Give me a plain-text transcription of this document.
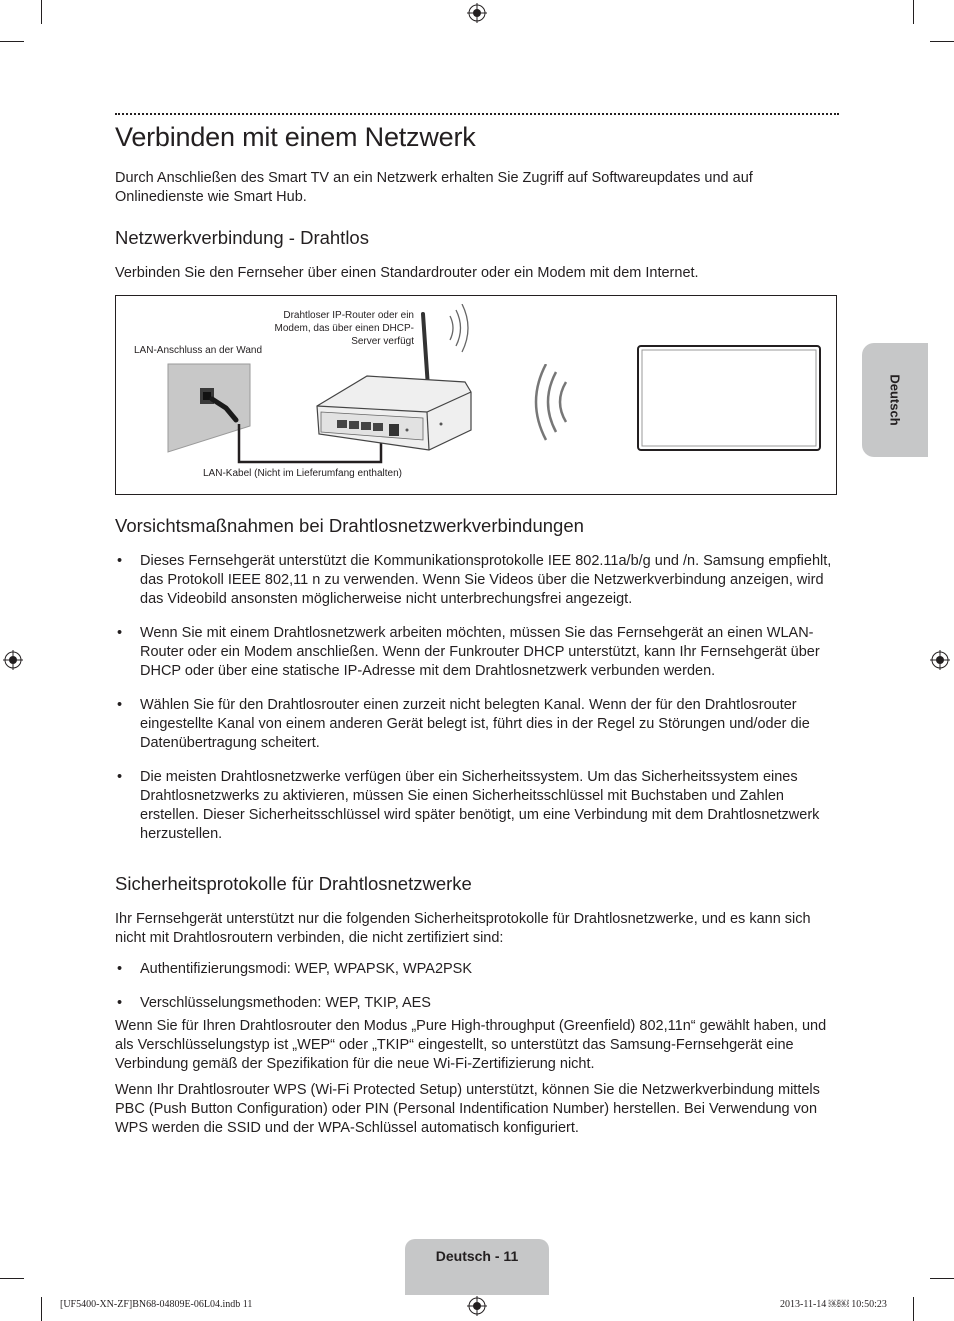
Verbinden mit einem Netzwerk

Durch Anschließen des Smart TV an ein Netzwerk erhalten Sie Zugriff auf Softwareupdates und auf Onlinedienste wie Smart Hub.

Netzwerkverbindung - Drahtlos

Verbinden Sie den Fernseher über einen Standardrouter oder ein Modem mit dem Internet.

Drahtloser IP-Router oder ein
Modem, das über einen DHCP-
Server verfügt
LAN-Anschluss an der Wand
LAN-Kabel (Nicht im Lieferumfang enthalten)
Vorsichtsmaßnahmen bei Drahtlosnetzwerkverbindungen
• Dieses Fernsehgerät unterstützt die Kommunikationsprotokolle IEE 802.11a/b/g und /n. Samsung empfiehlt, das Protokoll IEEE 802,11 n zu verwenden. Wenn Sie Videos über die Netzwerkverbindung anzeigen, wird das Videobild ansonsten möglicherweise nicht unterbrechungsfrei angezeigt.
• Wenn Sie mit einem Drahtlosnetzwerk arbeiten möchten, müssen Sie das Fernsehgerät an einen WLAN-Router oder ein Modem anschließen. Wenn der Funkrouter DHCP unterstützt, kann Ihr Fernsehgerät über DHCP oder über eine statische IP-Adresse mit dem Drahtlosnetzwerk verbunden werden.
• Wählen Sie für den Drahtlosrouter einen zurzeit nicht belegten Kanal. Wenn der für den Drahtlosrouter eingestellte Kanal von einem anderen Gerät belegt ist, führt dies in der Regel zu Störungen und/oder die Datenübertragung scheitert.
• Die meisten Drahtlosnetzwerke verfügen über ein Sicherheitssystem. Um das Sicherheitssystem eines Drahtlosnetzwerks zu aktivieren, müssen Sie einen Sicherheitsschlüssel mit Buchstaben und Zahlen erstellen. Dieser Sicherheitsschlüssel wird später benötigt, um eine Verbindung mit dem Drahtlosnetzwerk herzustellen.
Sicherheitsprotokolle für Drahtlosnetzwerke

Ihr Fernsehgerät unterstützt nur die folgenden Sicherheitsprotokolle für Drahtlosnetzwerke, und es kann sich nicht mit Drahtlosroutern verbinden, die nicht zertifiziert sind:

• Authentifizierungsmodi: WEP, WPAPSK, WPA2PSK
• Verschlüsselungsmethoden: WEP, TKIP, AES

Wenn Sie für Ihren Drahtlosrouter den Modus „Pure High-throughput (Greenfield) 802,11n“ gewählt haben, und als Verschlüsselungstyp ist „WEP“ oder „TKIP“ eingestellt, so unterstützt das Samsung-Fernsehgerät eine Verbindung gemäß der Spezifikation für die neue Wi-Fi-Zertifizierung nicht.

Wenn Ihr Drahtlosrouter WPS (Wi-Fi Protected Setup) unterstützt, können Sie die Netzwerkverbindung mittels PBC (Push Button Configuration) oder PIN (Personal Indentification Number) herstellen. Bei Verwendung von WPS werden die SSID und der WPA-Schlüssel automatisch konfiguriert.

Deutsch
Deutsch - 11
[UF5400-XN-ZF]BN68-04809E-06L04.indb 11	2013-11-14 ￼￼ 10:50:23
